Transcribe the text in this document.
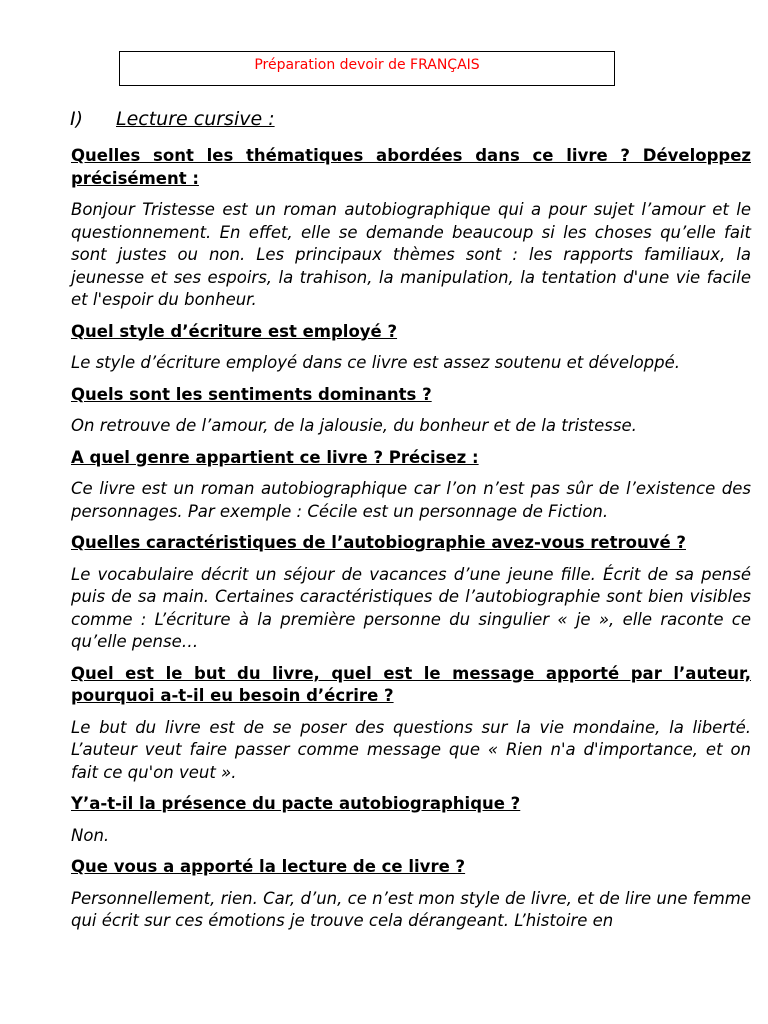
Préparation devoir de FRANÇAIS
I) Lecture cursive :

Quelles sont les thématiques abordées dans ce livre ? Développez précisément :

Bonjour Tristesse est un roman autobiographique qui a pour sujet l’amour et le questionnement. En effet, elle se demande beaucoup si les choses qu’elle fait sont justes ou non. Les principaux thèmes sont : les rapports familiaux, la jeunesse et ses espoirs, la trahison, la manipulation, la tentation d'une vie facile et l'espoir du bonheur.

Quel style d’écriture est employé ?

Le style d’écriture employé dans ce livre est assez soutenu et développé.

Quels sont les sentiments dominants ?

On retrouve de l’amour, de la jalousie, du bonheur et de la tristesse.

A quel genre appartient ce livre ? Précisez :

Ce livre est un roman autobiographique car l’on n’est pas sûr de l’existence des personnages. Par exemple : Cécile est un personnage de Fiction.

Quelles caractéristiques de l’autobiographie avez-vous retrouvé ?

Le vocabulaire décrit un séjour de vacances d’une jeune fille. Écrit de sa pensé puis de sa main. Certaines caractéristiques de l’autobiographie sont bien visibles comme : L’écriture à la première personne du singulier « je », elle raconte ce qu’elle pense…

Quel est le but du livre, quel est le message apporté par l’auteur, pourquoi a-t-il eu besoin d’écrire ?

Le but du livre est de se poser des questions sur la vie mondaine, la liberté. L’auteur veut faire passer comme message que « Rien n'a d'importance, et on fait ce qu'on veut ».

Y’a-t-il la présence du pacte autobiographique ?

Non.

Que vous a apporté la lecture de ce livre ?

Personnellement, rien. Car, d’un, ce n’est mon style de livre, et de lire une femme qui écrit sur ces émotions je trouve cela dérangeant. L’histoire en
